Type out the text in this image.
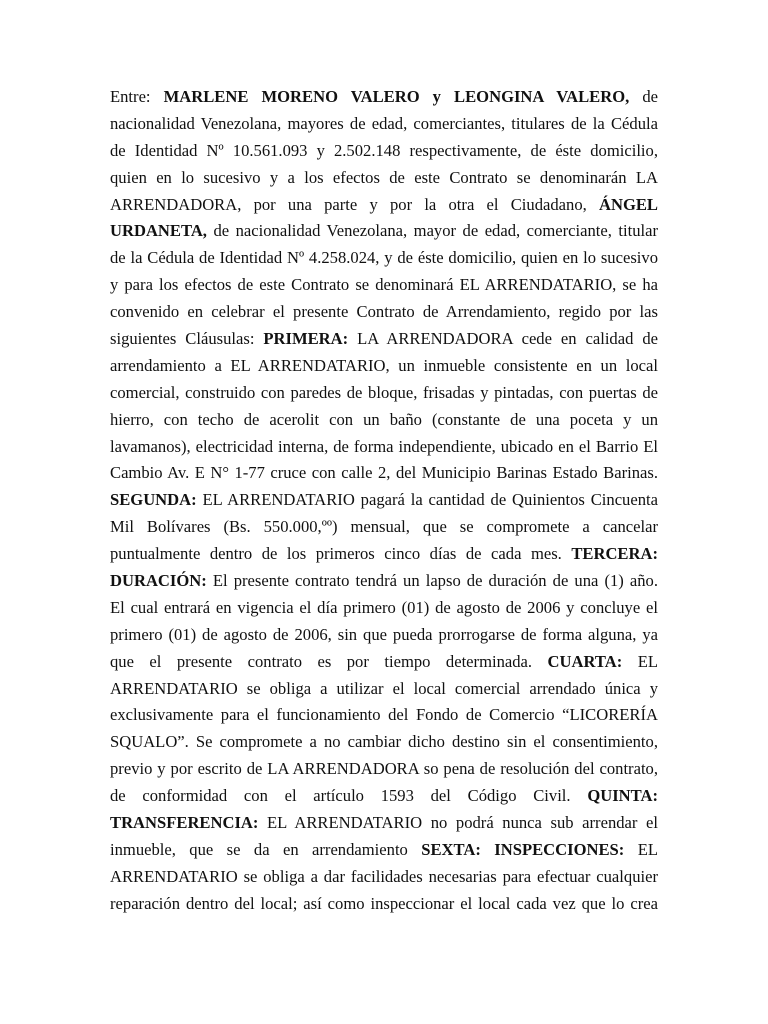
Entre: MARLENE MORENO VALERO y LEONGINA VALERO, de
nacionalidad Venezolana, mayores de edad, comerciantes, titulares de la Cédula
de Identidad Nº 10.561.093 y 2.502.148 respectivamente, de éste domicilio,
quien en lo sucesivo y a los efectos de este Contrato se denominarán LA
ARRENDADORA, por una parte y por la otra el Ciudadano, ÁNGEL
URDANETA, de nacionalidad Venezolana, mayor de edad, comerciante, titular
de la Cédula de Identidad Nº 4.258.024, y de éste domicilio, quien en lo sucesivo
y para los efectos de este Contrato se denominará EL ARRENDATARIO, se ha
convenido en celebrar el presente Contrato de Arrendamiento, regido por las
siguientes Cláusulas: PRIMERA: LA ARRENDADORA cede en calidad de
arrendamiento a EL ARRENDATARIO, un inmueble consistente en un local
comercial, construido con paredes de bloque, frisadas y pintadas, con puertas de
hierro, con techo de acerolit con un baño (constante de una poceta y un
lavamanos), electricidad interna, de forma independiente, ubicado en el Barrio El
Cambio Av. E N° 1-77 cruce con calle 2, del Municipio Barinas Estado Barinas.
SEGUNDA: EL ARRENDATARIO pagará la cantidad de Quinientos Cincuenta
Mil Bolívares (Bs. 550.000,ºº) mensual, que se compromete a cancelar
puntualmente dentro de los primeros cinco días de cada mes. TERCERA:
DURACIÓN: El presente contrato tendrá un lapso de duración de una (1) año.
El cual entrará en vigencia el día primero (01) de agosto de 2006 y concluye el
primero (01) de agosto de 2006, sin que pueda prorrogarse de forma alguna, ya
que el presente contrato es por tiempo determinada. CUARTA: EL
ARRENDATARIO se obliga a utilizar el local comercial arrendado única y
exclusivamente para el funcionamiento del Fondo de Comercio “LICORERÍA
SQUALO”. Se compromete a no cambiar dicho destino sin el consentimiento,
previo y por escrito de LA ARRENDADORA so pena de resolución del contrato,
de conformidad con el artículo 1593 del Código Civil. QUINTA:
TRANSFERENCIA: EL ARRENDATARIO no podrá nunca sub arrendar el
inmueble, que se da en arrendamiento SEXTA: INSPECCIONES: EL
ARRENDATARIO se obliga a dar facilidades necesarias para efectuar cualquier
reparación dentro del local; así como inspeccionar el local cada vez que lo crea
